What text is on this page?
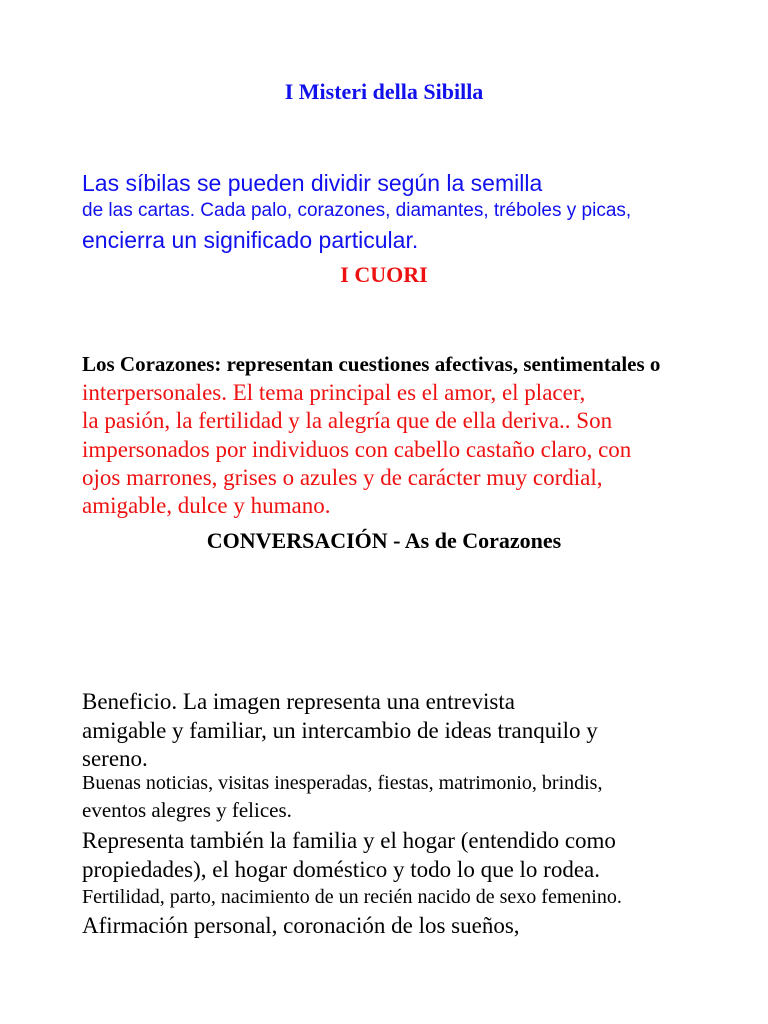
I Misteri della Sibilla

Las síbilas se pueden dividir según la semilla

de las cartas. Cada palo, corazones, diamantes, tréboles y picas,

encierra un significado particular.

I CUORI

Los Corazones: representan cuestiones afectivas, sentimentales o

interpersonales. El tema principal es el amor, el placer,

la pasión, la fertilidad y la alegría que de ella deriva.. Son

impersonados por individuos con cabello castaño claro, con

ojos marrones, grises o azules y de carácter muy cordial,

amigable, dulce y humano.

CONVERSACIÓN - As de Corazones

Beneficio. La imagen representa una entrevista

amigable y familiar, un intercambio de ideas tranquilo y

sereno.

Buenas noticias, visitas inesperadas, fiestas, matrimonio, brindis,

eventos alegres y felices.

Representa también la familia y el hogar (entendido como

propiedades), el hogar doméstico y todo lo que lo rodea.

Fertilidad, parto, nacimiento de un recién nacido de sexo femenino.

Afirmación personal, coronación de los sueños,
